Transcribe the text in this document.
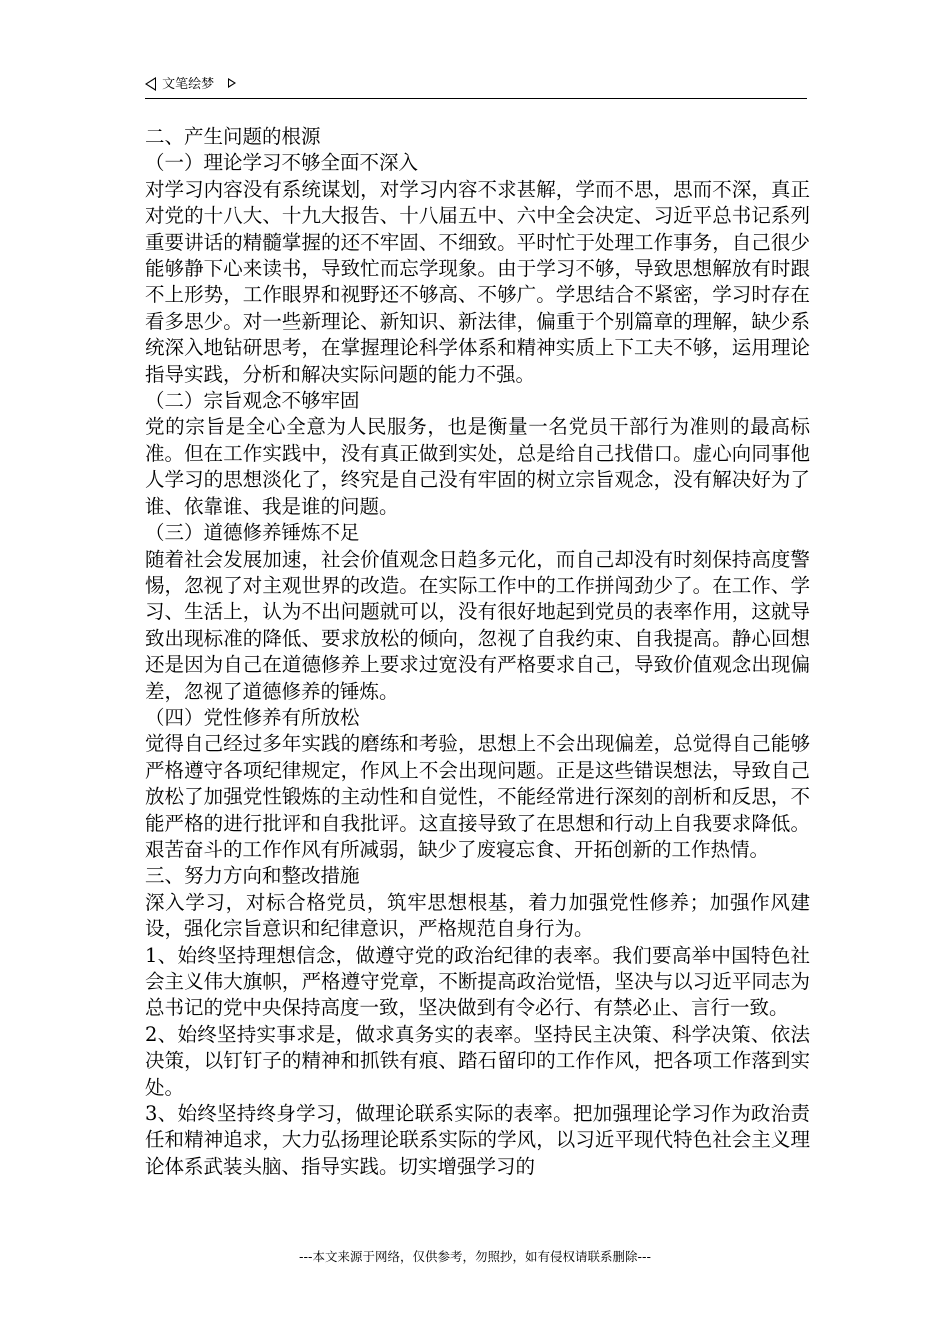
文笔绘梦

二、产生问题的根源

（一）理论学习不够全面不深入

对学习内容没有系统谋划，对学习内容不求甚解，学而不思，思而不深，真正对党的十八大、十九大报告、十八届五中、六中全会决定、习近平总书记系列重要讲话的精髓掌握的还不牢固、不细致。平时忙于处理工作事务，自己很少能够静下心来读书，导致忙而忘学现象。由于学习不够，导致思想解放有时跟不上形势，工作眼界和视野还不够高、不够广。学思结合不紧密，学习时存在看多思少。对一些新理论、新知识、新法律，偏重于个别篇章的理解，缺少系统深入地钻研思考，在掌握理论科学体系和精神实质上下工夫不够，运用理论指导实践，分析和解决实际问题的能力不强。

（二）宗旨观念不够牢固

党的宗旨是全心全意为人民服务，也是衡量一名党员干部行为准则的最高标准。但在工作实践中，没有真正做到实处，总是给自己找借口。虚心向同事他人学习的思想淡化了，终究是自己没有牢固的树立宗旨观念，没有解决好为了谁、依靠谁、我是谁的问题。

（三）道德修养锤炼不足

随着社会发展加速，社会价值观念日趋多元化，而自己却没有时刻保持高度警惕，忽视了对主观世界的改造。在实际工作中的工作拼闯劲少了。在工作、学习、生活上，认为不出问题就可以，没有很好地起到党员的表率作用，这就导致出现标准的降低、要求放松的倾向，忽视了自我约束、自我提高。静心回想还是因为自己在道德修养上要求过宽没有严格要求自己，导致价值观念出现偏差，忽视了道德修养的锤炼。

（四）党性修养有所放松

觉得自己经过多年实践的磨练和考验，思想上不会出现偏差，总觉得自己能够严格遵守各项纪律规定，作风上不会出现问题。正是这些错误想法，导致自己放松了加强党性锻炼的主动性和自觉性，不能经常进行深刻的剖析和反思，不能严格的进行批评和自我批评。这直接导致了在思想和行动上自我要求降低。艰苦奋斗的工作作风有所减弱，缺少了废寝忘食、开拓创新的工作热情。

三、努力方向和整改措施

深入学习，对标合格党员，筑牢思想根基，着力加强党性修养；加强作风建设，强化宗旨意识和纪律意识，严格规范自身行为。

1、始终坚持理想信念，做遵守党的政治纪律的表率。我们要高举中国特色社会主义伟大旗帜，严格遵守党章，不断提高政治觉悟，坚决与以习近平同志为总书记的党中央保持高度一致，坚决做到有令必行、有禁必止、言行一致。

2、始终坚持实事求是，做求真务实的表率。坚持民主决策、科学决策、依法决策，以钉钉子的精神和抓铁有痕、踏石留印的工作作风，把各项工作落到实处。

3、始终坚持终身学习，做理论联系实际的表率。把加强理论学习作为政治责任和精神追求，大力弘扬理论联系实际的学风，以习近平现代特色社会主义理论体系武装头脑、指导实践。切实增强学习的

---本文来源于网络，仅供参考，勿照抄，如有侵权请联系删除---
